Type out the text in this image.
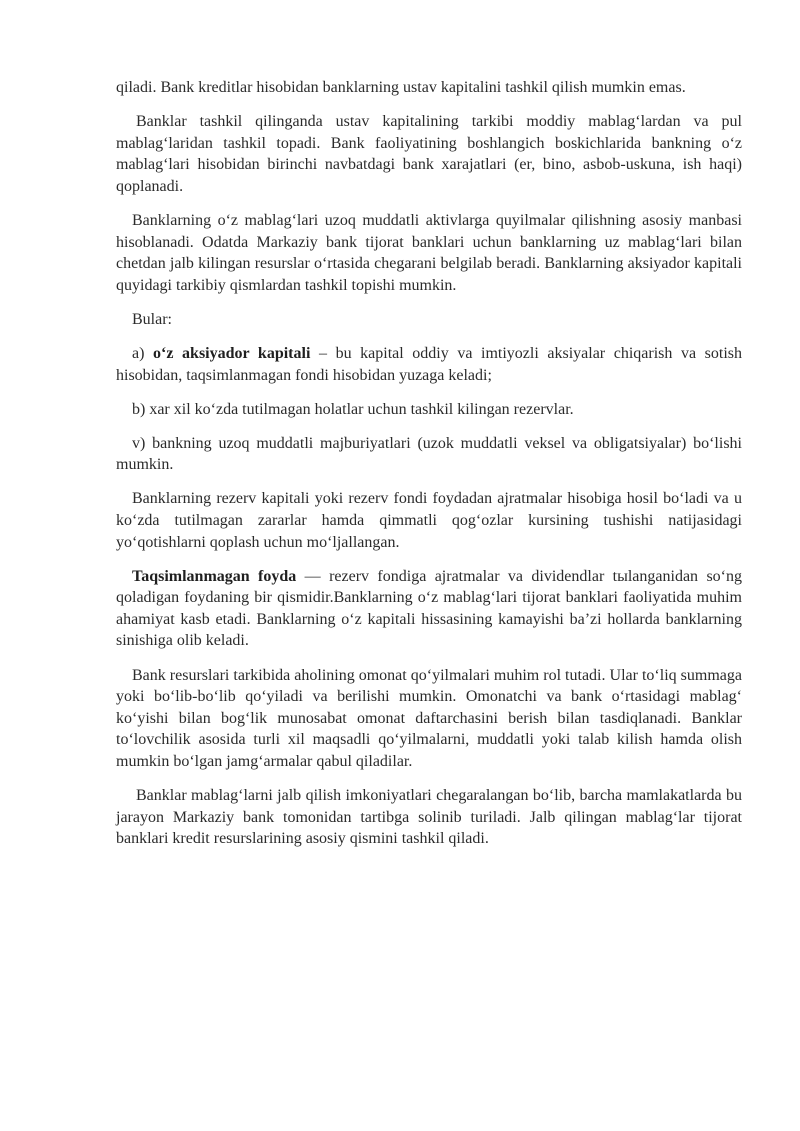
qiladi. Bank kreditlar hisobidan banklarning ustav kapitalini tashkil qilish mumkin emas.

Banklar tashkil qilinganda ustav kapitalining tarkibi moddiy mablag‘lardan va pul mablag‘laridan tashkil topadi. Bank faoliyatining boshlangich boskichlarida bankning o‘z mablag‘lari hisobidan birinchi navbatdagi bank xarajatlari (er, bino, asbob-uskuna, ish haqi) qoplanadi.

Banklarning o‘z mablag‘lari uzoq muddatli aktivlarga quyilmalar qilishning asosiy manbasi hisoblanadi. Odatda Markaziy bank tijorat banklari uchun banklarning uz mablag‘lari bilan chetdan jalb kilingan resurslar o‘rtasida chegarani belgilab beradi. Banklarning aksiyador kapitali quyidagi tarkibiy qismlardan tashkil topishi mumkin.

Bular:

a) o‘z aksiyador kapitali – bu kapital oddiy va imtiyozli aksiyalar chiqarish va sotish hisobidan, taqsimlanmagan fondi hisobidan yuzaga keladi;

b) xar xil ko‘zda tutilmagan holatlar uchun tashkil kilingan rezervlar.

v) bankning uzoq muddatli majburiyatlari (uzok muddatli veksel va obligatsiyalar) bo‘lishi mumkin.

Banklarning rezerv kapitali yoki rezerv fondi foydadan ajratmalar hisobiga hosil bo‘ladi va u ko‘zda tutilmagan zararlar hamda qimmatli qog‘ozlar kursining tushishi natijasidagi yo‘qotishlarni qoplash uchun mo‘ljallangan.

Taqsimlanmagan foyda — rezerv fondiga ajratmalar va dividendlar tыlanganidan so‘ng qoladigan foydaning bir qismidir.Banklarning o‘z mablag‘lari tijorat banklari faoliyatida muhim ahamiyat kasb etadi. Banklarning o‘z kapitali hissasining kamayishi ba’zi hollarda banklarning sinishiga olib keladi.

Bank resurslari tarkibida aholining omonat qo‘yilmalari muhim rol tutadi. Ular to‘liq summaga yoki bo‘lib-bo‘lib qo‘yiladi va berilishi mumkin. Omonatchi va bank o‘rtasidagi mablag‘ ko‘yishi bilan bog‘lik munosabat omonat daftarchasini berish bilan tasdiqlanadi. Banklar to‘lovchilik asosida turli xil maqsadli qo‘yilmalarni, muddatli yoki talab kilish hamda olish mumkin bo‘lgan jamg‘armalar qabul qiladilar.

Banklar mablag‘larni jalb qilish imkoniyatlari chegaralangan bo‘lib, barcha mamlakatlarda bu jarayon Markaziy bank tomonidan tartibga solinib turiladi. Jalb qilingan mablag‘lar tijorat banklari kredit resurslarining asosiy qismini tashkil qiladi.
